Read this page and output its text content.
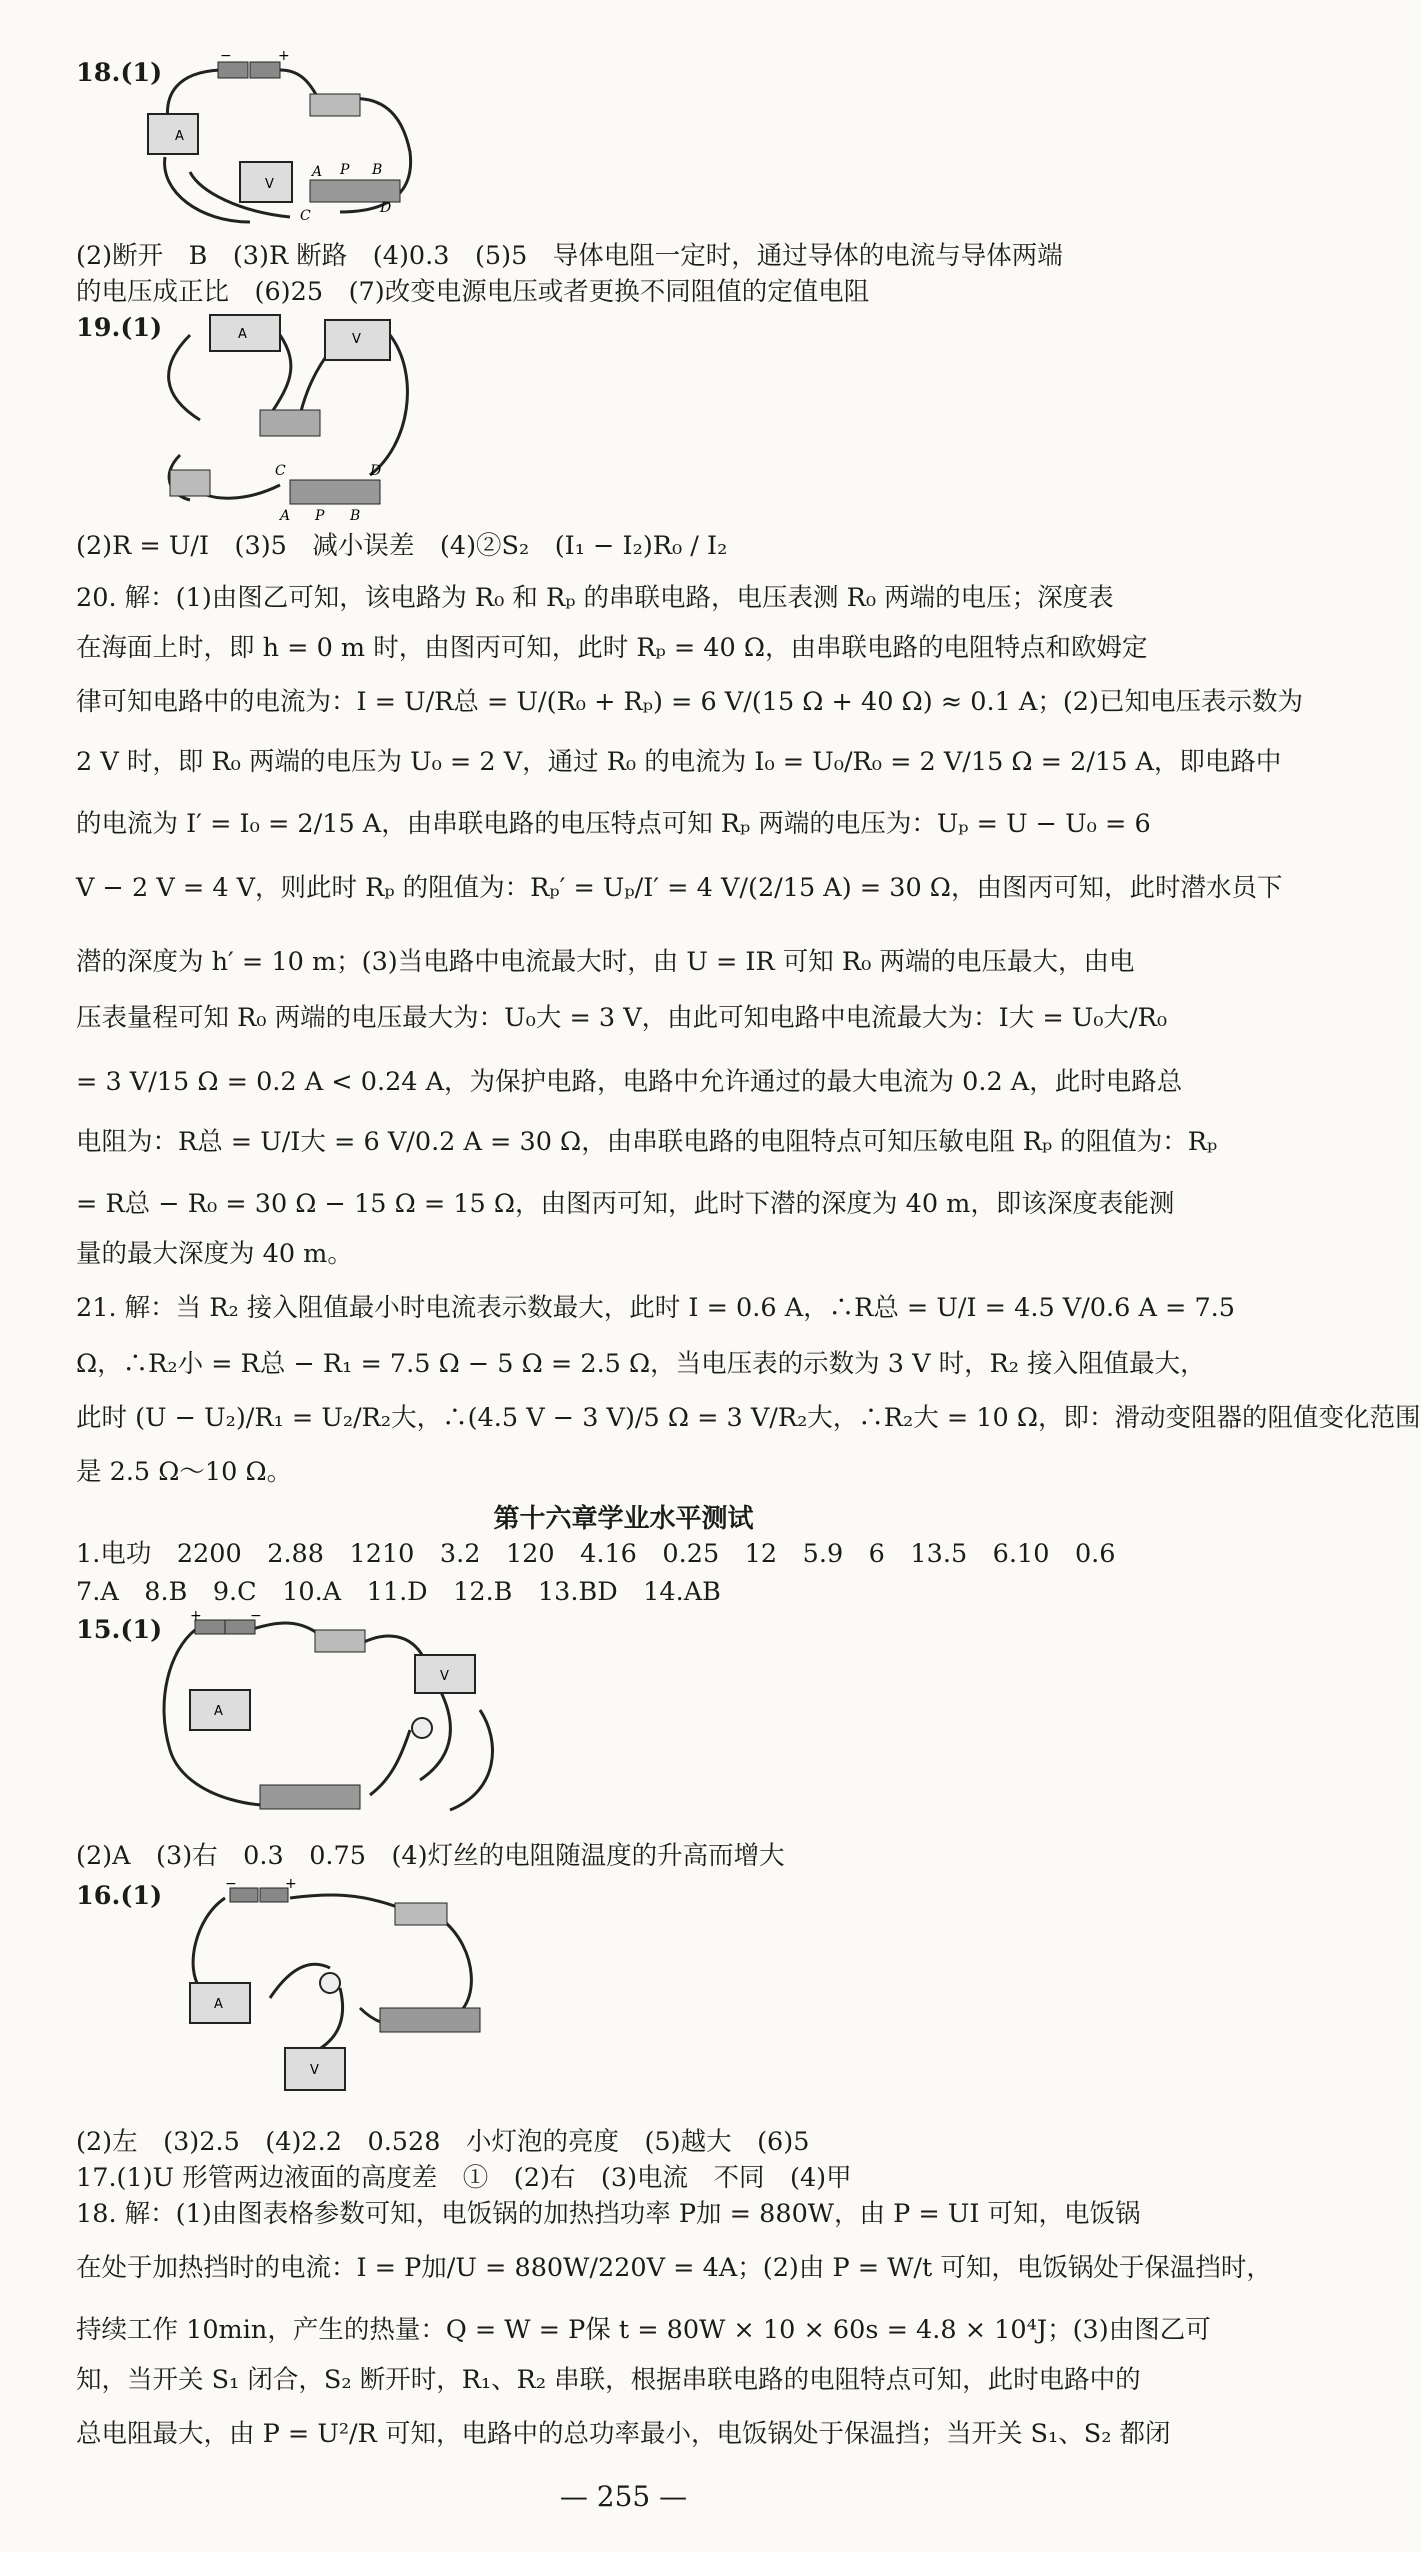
18.(1)
A
V
−	+
A P B
C	D
(2)断开　B　(3)R 断路　(4)0.3　(5)5　导体电阻一定时，通过导体的电流与导体两端
的电压成正比　(6)25　(7)改变电源电压或者更换不同阻值的定值电阻
19.(1)	A	V
C	D
A P B
(2)R = U/I　(3)5　减小误差　(4)②S₂　(I₁ − I₂)R₀ / I₂
20. 解：(1)由图乙可知，该电路为 R₀ 和 Rₚ 的串联电路，电压表测 R₀ 两端的电压；深度表
在海面上时，即 h = 0 m 时，由图丙可知，此时 Rₚ = 40 Ω，由串联电路的电阻特点和欧姆定
律可知电路中的电流为：I = U/R总 = U/(R₀ + Rₚ) = 6 V/(15 Ω + 40 Ω) ≈ 0.1 A；(2)已知电压表示数为
2 V 时，即 R₀ 两端的电压为 U₀ = 2 V，通过 R₀ 的电流为 I₀ = U₀/R₀ = 2 V/15 Ω = 2/15 A，即电路中
的电流为 I′ = I₀ = 2/15 A，由串联电路的电压特点可知 Rₚ 两端的电压为：Uₚ = U − U₀ = 6
V − 2 V = 4 V，则此时 Rₚ 的阻值为：Rₚ′ = Uₚ/I′ = 4 V/(2/15 A) = 30 Ω，由图丙可知，此时潜水员下
潜的深度为 h′ = 10 m；(3)当电路中电流最大时，由 U = IR 可知 R₀ 两端的电压最大，由电
压表量程可知 R₀ 两端的电压最大为：U₀大 = 3 V，由此可知电路中电流最大为：I大 = U₀大/R₀
= 3 V/15 Ω = 0.2 A < 0.24 A，为保护电路，电路中允许通过的最大电流为 0.2 A，此时电路总
电阻为：R总 = U/I大 = 6 V/0.2 A = 30 Ω，由串联电路的电阻特点可知压敏电阻 Rₚ 的阻值为：Rₚ
= R总 − R₀ = 30 Ω − 15 Ω = 15 Ω，由图丙可知，此时下潜的深度为 40 m，即该深度表能测
量的最大深度为 40 m。
21. 解：当 R₂ 接入阻值最小时电流表示数最大，此时 I = 0.6 A，∴R总 = U/I = 4.5 V/0.6 A = 7.5
Ω，∴R₂小 = R总 − R₁ = 7.5 Ω − 5 Ω = 2.5 Ω，当电压表的示数为 3 V 时，R₂ 接入阻值最大，
此时 (U − U₂)/R₁ = U₂/R₂大，∴(4.5 V − 3 V)/5 Ω = 3 V/R₂大，∴R₂大 = 10 Ω，即：滑动变阻器的阻值变化范围
是 2.5 Ω～10 Ω。
第十六章学业水平测试
1.电功　2200　2.88　1210　3.2　120　4.16　0.25　12　5.9　6　13.5　6.10　0.6
7.A　8.B　9.C　10.A　11.D　12.B　13.BD　14.AB
15.(1) +	−
A
V
(2)A　(3)右　0.3　0.75　(4)灯丝的电阻随温度的升高而增大
16.(1)	−	+
A
V
(2)左　(3)2.5　(4)2.2　0.528　小灯泡的亮度　(5)越大　(6)5
17.(1)U 形管两边液面的高度差　①　(2)右　(3)电流　不同　(4)甲
18. 解：(1)由图表格参数可知，电饭锅的加热挡功率 P加 = 880W，由 P = UI 可知，电饭锅
在处于加热挡时的电流：I = P加/U = 880W/220V = 4A；(2)由 P = W/t 可知，电饭锅处于保温挡时，
持续工作 10min，产生的热量：Q = W = P保 t = 80W × 10 × 60s = 4.8 × 10⁴J；(3)由图乙可
知，当开关 S₁ 闭合，S₂ 断开时，R₁、R₂ 串联，根据串联电路的电阻特点可知，此时电路中的
总电阻最大，由 P = U²/R 可知，电路中的总功率最小，电饭锅处于保温挡；当开关 S₁、S₂ 都闭
— 255 —
